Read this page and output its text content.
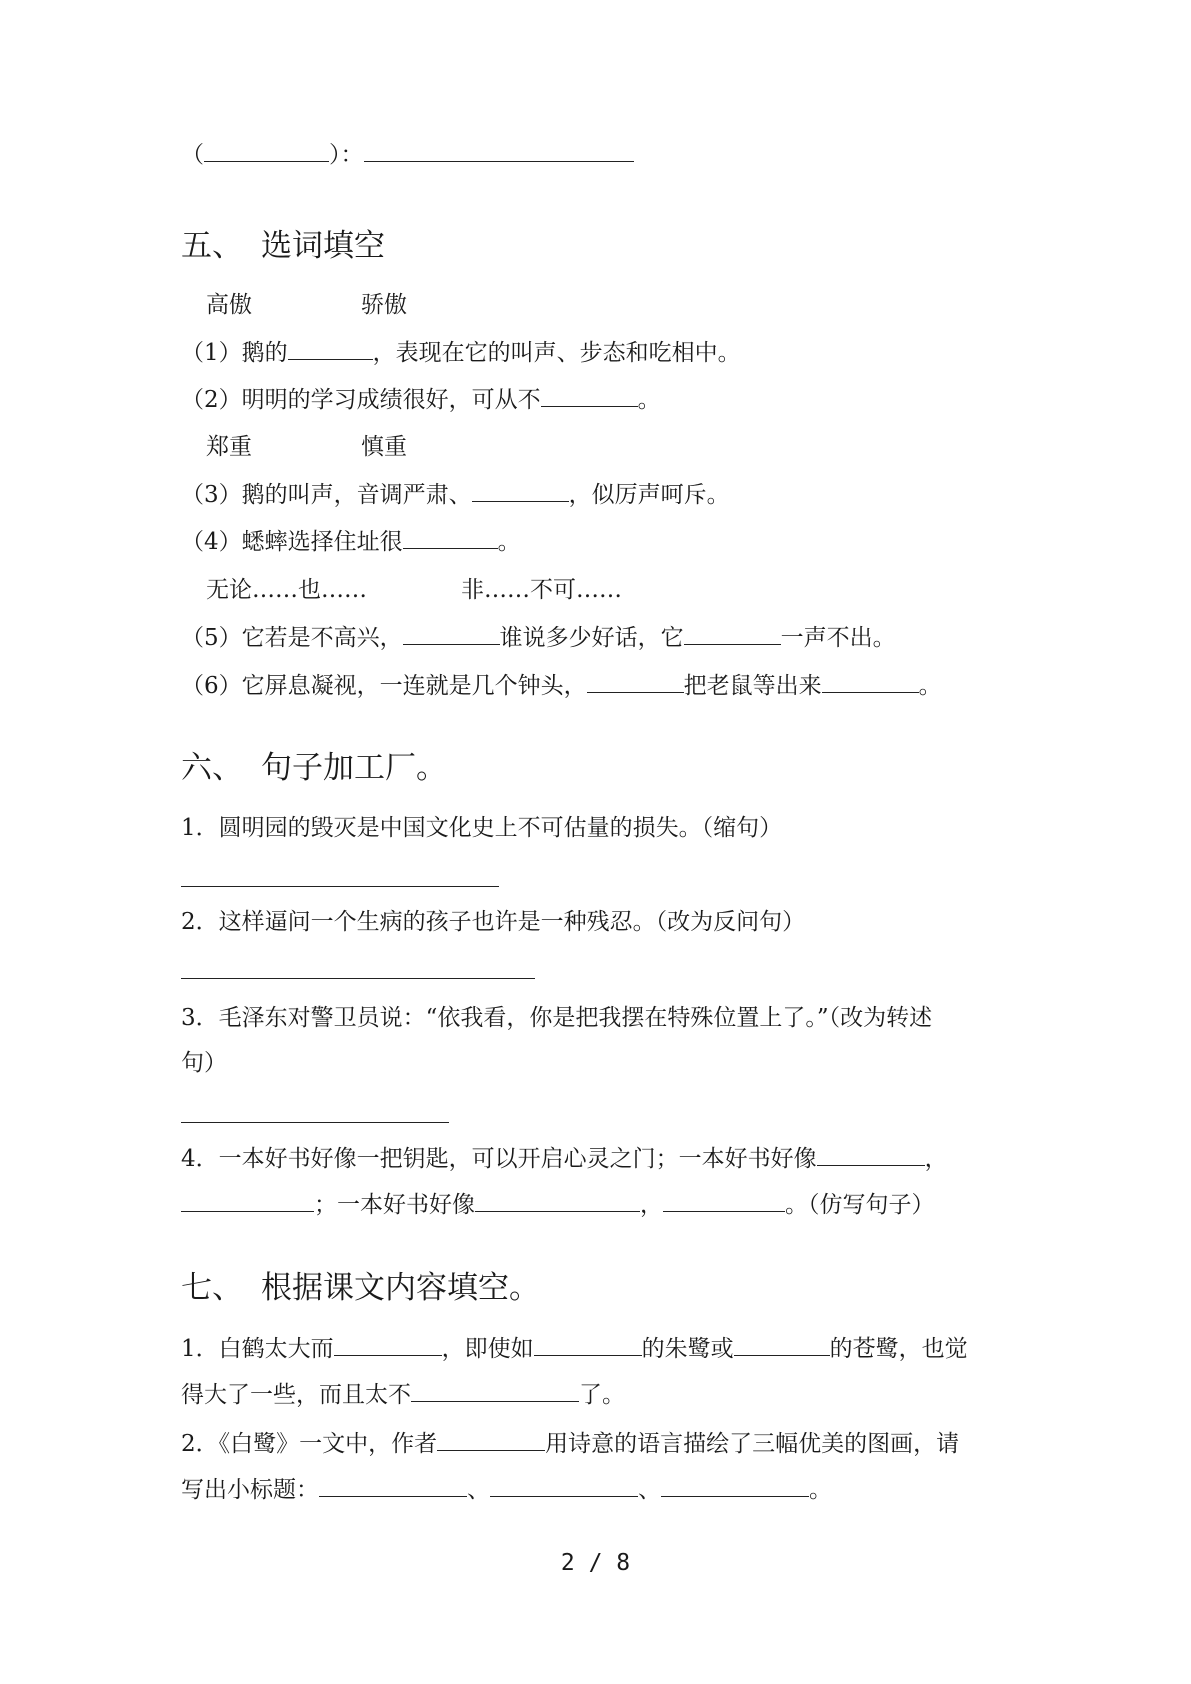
（	）：
五、 选词填空
高傲	骄傲
（1）鹅的	，表现在它的叫声、步态和吃相中。
（2）明明的学习成绩很好，可从不	。
郑重	慎重
（3）鹅的叫声，音调严肃、	，似厉声呵斥。
（4）蟋蟀选择住址很	。
无论……也……	非……不可……
（5）它若是不高兴，	谁说多少好话，它	一声不出。
（6）它屏息凝视，一连就是几个钟头，	把老鼠等出来	。
六、 句子加工厂。
1．圆明园的毁灭是中国文化史上不可估量的损失。（缩句）
2．这样逼问一个生病的孩子也许是一种残忍。（改为反问句）
3．毛泽东对警卫员说：“依我看，你是把我摆在特殊位置上了。”（改为转述
句）
4．一本好书好像一把钥匙，可以开启心灵之门；一本好书好像	，
；一本好书好像	，	。（仿写句子）
七、 根据课文内容填空。
1．白鹤太大而	，即使如	的朱鹭或	的苍鹭，也觉
得大了一些，而且太不	了。
2．《白鹭》一文中，作者	用诗意的语言描绘了三幅优美的图画，请
写出小标题：	、	、	。
2 / 8
